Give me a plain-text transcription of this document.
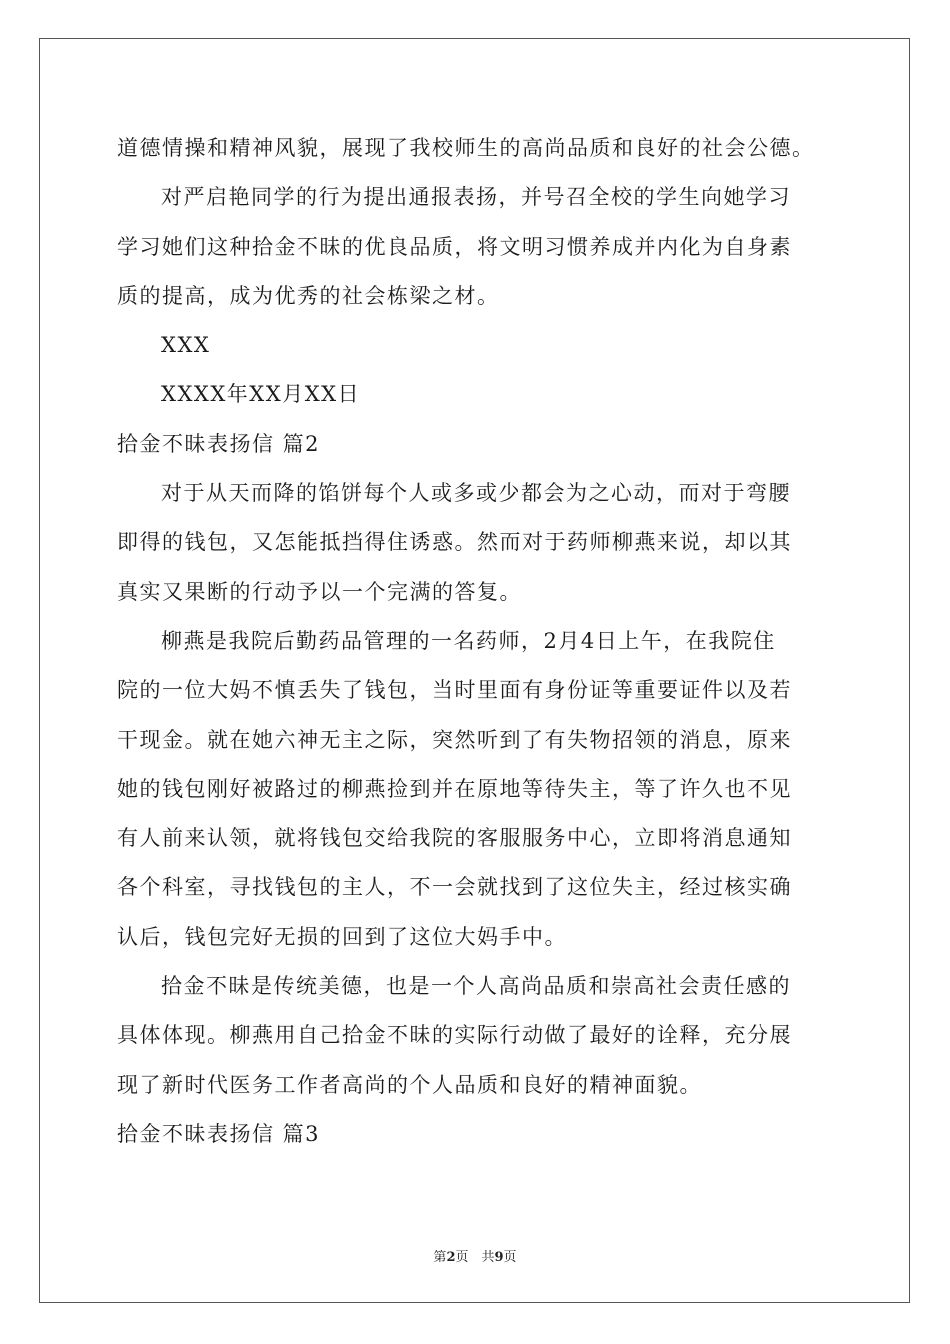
道德情操和精神风貌，展现了我校师生的高尚品质和良好的社会公德。
对严启艳同学的行为提出通报表扬，并号召全校的学生向她学习
学习她们这种拾金不昧的优良品质，将文明习惯养成并内化为自身素
质的提高，成为优秀的社会栋梁之材。
XXX
XXXX年XX月XX日
拾金不昧表扬信 篇2
对于从天而降的馅饼每个人或多或少都会为之心动，而对于弯腰
即得的钱包，又怎能抵挡得住诱惑。然而对于药师柳燕来说，却以其
真实又果断的行动予以一个完满的答复。
柳燕是我院后勤药品管理的一名药师，2月4日上午，在我院住
院的一位大妈不慎丢失了钱包，当时里面有身份证等重要证件以及若
干现金。就在她六神无主之际，突然听到了有失物招领的消息，原来
她的钱包刚好被路过的柳燕捡到并在原地等待失主，等了许久也不见
有人前来认领，就将钱包交给我院的客服服务中心，立即将消息通知
各个科室，寻找钱包的主人，不一会就找到了这位失主，经过核实确
认后，钱包完好无损的回到了这位大妈手中。
拾金不昧是传统美德，也是一个人高尚品质和崇高社会责任感的
具体体现。柳燕用自己拾金不昧的实际行动做了最好的诠释，充分展
现了新时代医务工作者高尚的个人品质和良好的精神面貌。
拾金不昧表扬信 篇3
第2页　共9页
